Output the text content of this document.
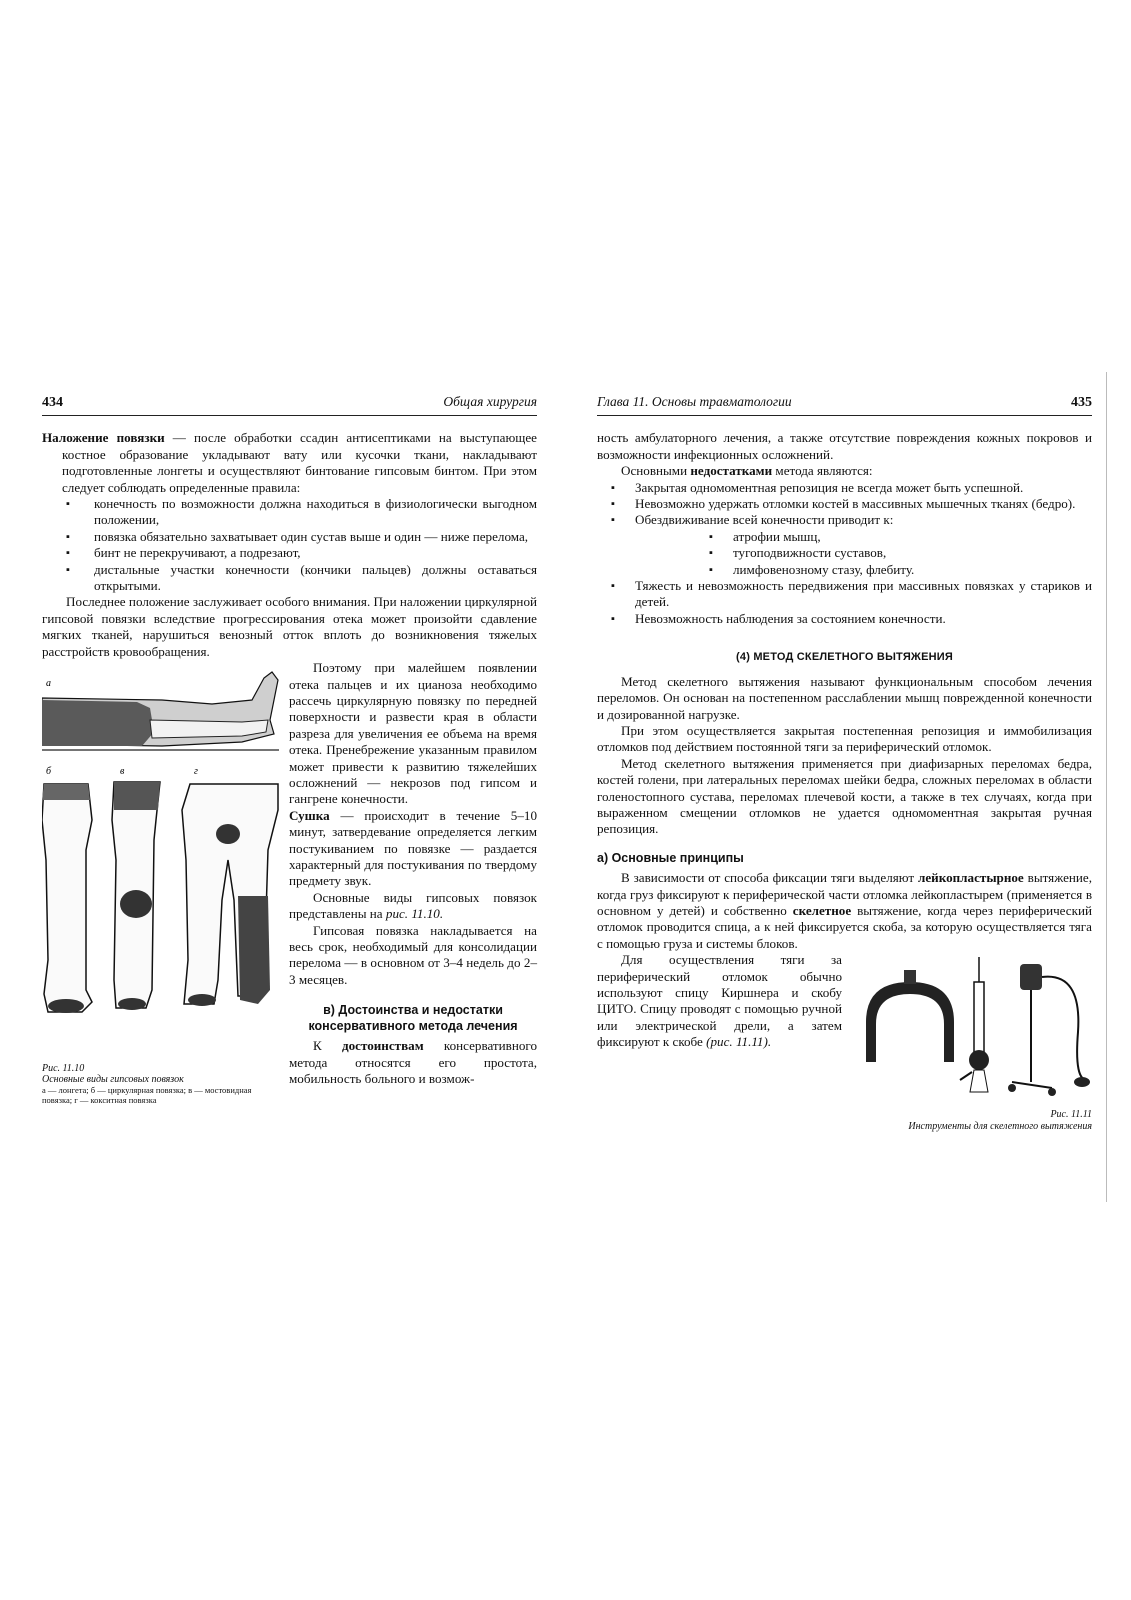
434	Общая хирургия

Наложение повязки — после обработки ссадин антисептиками на выступающее костное образование укладывают вату или кусочки ткани, накладывают подготовленные лонгеты и осуществляют бинтование гипсовым бинтом. При этом следует соблюдать определенные правила:

▪ конечность по возможности должна находиться в физиологически выгодном положении,
▪ повязка обязательно захватывает один сустав выше и один — ниже перелома,
▪ бинт не перекручивают, а подрезают,
▪ дистальные участки конечности (кончики пальцев) должны оставаться открытыми.

Последнее положение заслуживает особого внимания. При наложении циркулярной гипсовой повязки вследствие прогрессирования отека может произойти сдавление мягких тканей, нарушиться венозный отток вплоть до возникновения тяжелых расстройств кровообращения.

а
б	в	г
Рис. 11.10
Основные виды гипсовых повязок
а — лонгета; б — циркулярная повязка; в — мостовидная повязка; г — кокситная повязка

Поэтому при малейшем появлении отека пальцев и их цианоза необходимо рассечь циркулярную повязку по передней поверхности и развести края в области разреза для увеличения ее объема на время отека. Пренебрежение указанным правилом может привести к развитию тяжелейших осложнений — некрозов под гипсом и гангрене конечности.

Сушка — происходит в течение 5–10 минут, затвердевание определяется легким постукиванием по повязке — раздается характерный для постукивания по твердому предмету звук.

Основные виды гипсовых повязок представлены на рис. 11.10.

Гипсовая повязка накладывается на весь срок, необходимый для консолидации перелома — в основном от 3–4 недель до 2–3 месяцев.

в) Достоинства и недостатки консервативного метода лечения

К достоинствам консервативного метода относятся его простота, мобильность больного и возмож-

Глава 11. Основы травматологии	435

ность амбулаторного лечения, а также отсутствие повреждения кожных покровов и возможности инфекционных осложнений.

Основными недостатками метода являются:

▪ Закрытая одномоментная репозиция не всегда может быть успешной.
▪ Невозможно удержать отломки костей в массивных мышечных тканях (бедро).
▪ Обездвиживание всей конечности приводит к:
▪ атрофии мышц,
▪ тугоподвижности суставов,
▪ лимфовенозному стазу, флебиту.
▪ Тяжесть и невозможность передвижения при массивных повязках у стариков и детей.
▪ Невозможность наблюдения за состоянием конечности.
(4) МЕТОД СКЕЛЕТНОГО ВЫТЯЖЕНИЯ

Метод скелетного вытяжения называют функциональным способом лечения переломов. Он основан на постепенном расслаблении мышц поврежденной конечности и дозированной нагрузке.

При этом осуществляется закрытая постепенная репозиция и иммобилизация отломков под действием постоянной тяги за периферический отломок.

Метод скелетного вытяжения применяется при диафизарных переломах бедра, костей голени, при латеральных переломах шейки бедра, сложных переломах в области голеностопного сустава, переломах плечевой кости, а также в тех случаях, когда при выраженном смещении отломков не удается одномоментная закрытая ручная репозиция.

а) Основные принципы

В зависимости от способа фиксации тяги выделяют лейкопластырное вытяжение, когда груз фиксируют к периферической части отломка лейкопластырем (применяется в основном у детей) и собственно скелетное вытяжение, когда через периферический отломок проводится спица, а к ней фиксируется скоба, за которую осуществляется тяга с помощью груза и системы блоков.

Для осуществления тяги за периферический отломок обычно используют спицу Киршнера и скобу ЦИТО. Спицу проводят с помощью ручной или электрической дрели, а затем фиксируют к скобе (рис. 11.11).

Рис. 11.11
Инструменты для скелетного вытяжения
